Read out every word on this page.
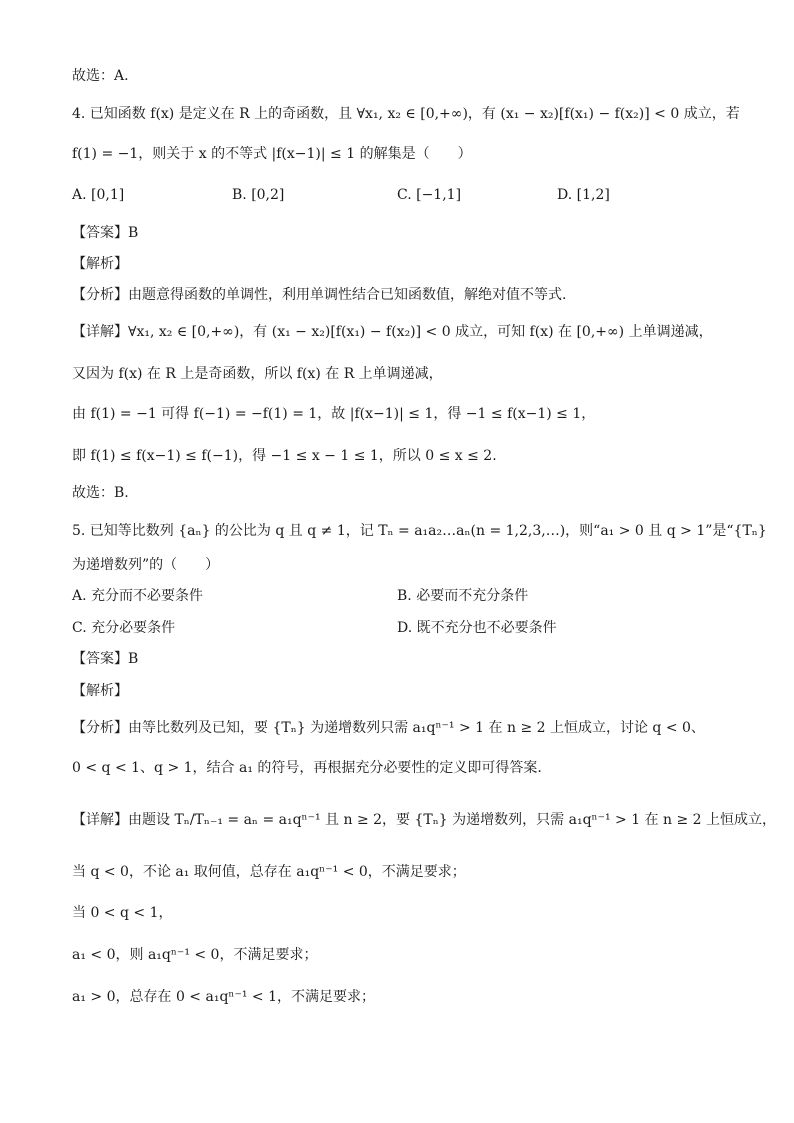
故选：A.
4. 已知函数 f(x) 是定义在 R 上的奇函数，且 ∀x₁, x₂ ∈ [0,+∞)，有 (x₁ − x₂)[f(x₁) − f(x₂)] < 0 成立，若
f(1) = −1，则关于 x 的不等式 |f(x−1)| ≤ 1 的解集是（　　）
A. [0,1]	B. [0,2]	C. [−1,1]	D. [1,2]
【答案】B
【解析】
【分析】由题意得函数的单调性，利用单调性结合已知函数值，解绝对值不等式.
【详解】∀x₁, x₂ ∈ [0,+∞)，有 (x₁ − x₂)[f(x₁) − f(x₂)] < 0 成立，可知 f(x) 在 [0,+∞) 上单调递减，
又因为 f(x) 在 R 上是奇函数，所以 f(x) 在 R 上单调递减，
由 f(1) = −1 可得 f(−1) = −f(1) = 1，故 |f(x−1)| ≤ 1，得 −1 ≤ f(x−1) ≤ 1，
即 f(1) ≤ f(x−1) ≤ f(−1)，得 −1 ≤ x − 1 ≤ 1，所以 0 ≤ x ≤ 2.
故选：B.
5. 已知等比数列 {aₙ} 的公比为 q 且 q ≠ 1，记 Tₙ = a₁a₂…aₙ(n = 1,2,3,…)，则“a₁ > 0 且 q > 1”是“{Tₙ}
为递增数列”的（　　）
A. 充分而不必要条件	B. 必要而不充分条件
C. 充分必要条件	D. 既不充分也不必要条件
【答案】B
【解析】
【分析】由等比数列及已知，要 {Tₙ} 为递增数列只需 a₁qⁿ⁻¹ > 1 在 n ≥ 2 上恒成立，讨论 q < 0、
0 < q < 1、q > 1，结合 a₁ 的符号，再根据充分必要性的定义即可得答案.
【详解】由题设 Tₙ/Tₙ₋₁ = aₙ = a₁qⁿ⁻¹ 且 n ≥ 2，要 {Tₙ} 为递增数列，只需 a₁qⁿ⁻¹ > 1 在 n ≥ 2 上恒成立，
当 q < 0，不论 a₁ 取何值，总存在 a₁qⁿ⁻¹ < 0，不满足要求；
当 0 < q < 1，
a₁ < 0，则 a₁qⁿ⁻¹ < 0，不满足要求；
a₁ > 0，总存在 0 < a₁qⁿ⁻¹ < 1，不满足要求；
